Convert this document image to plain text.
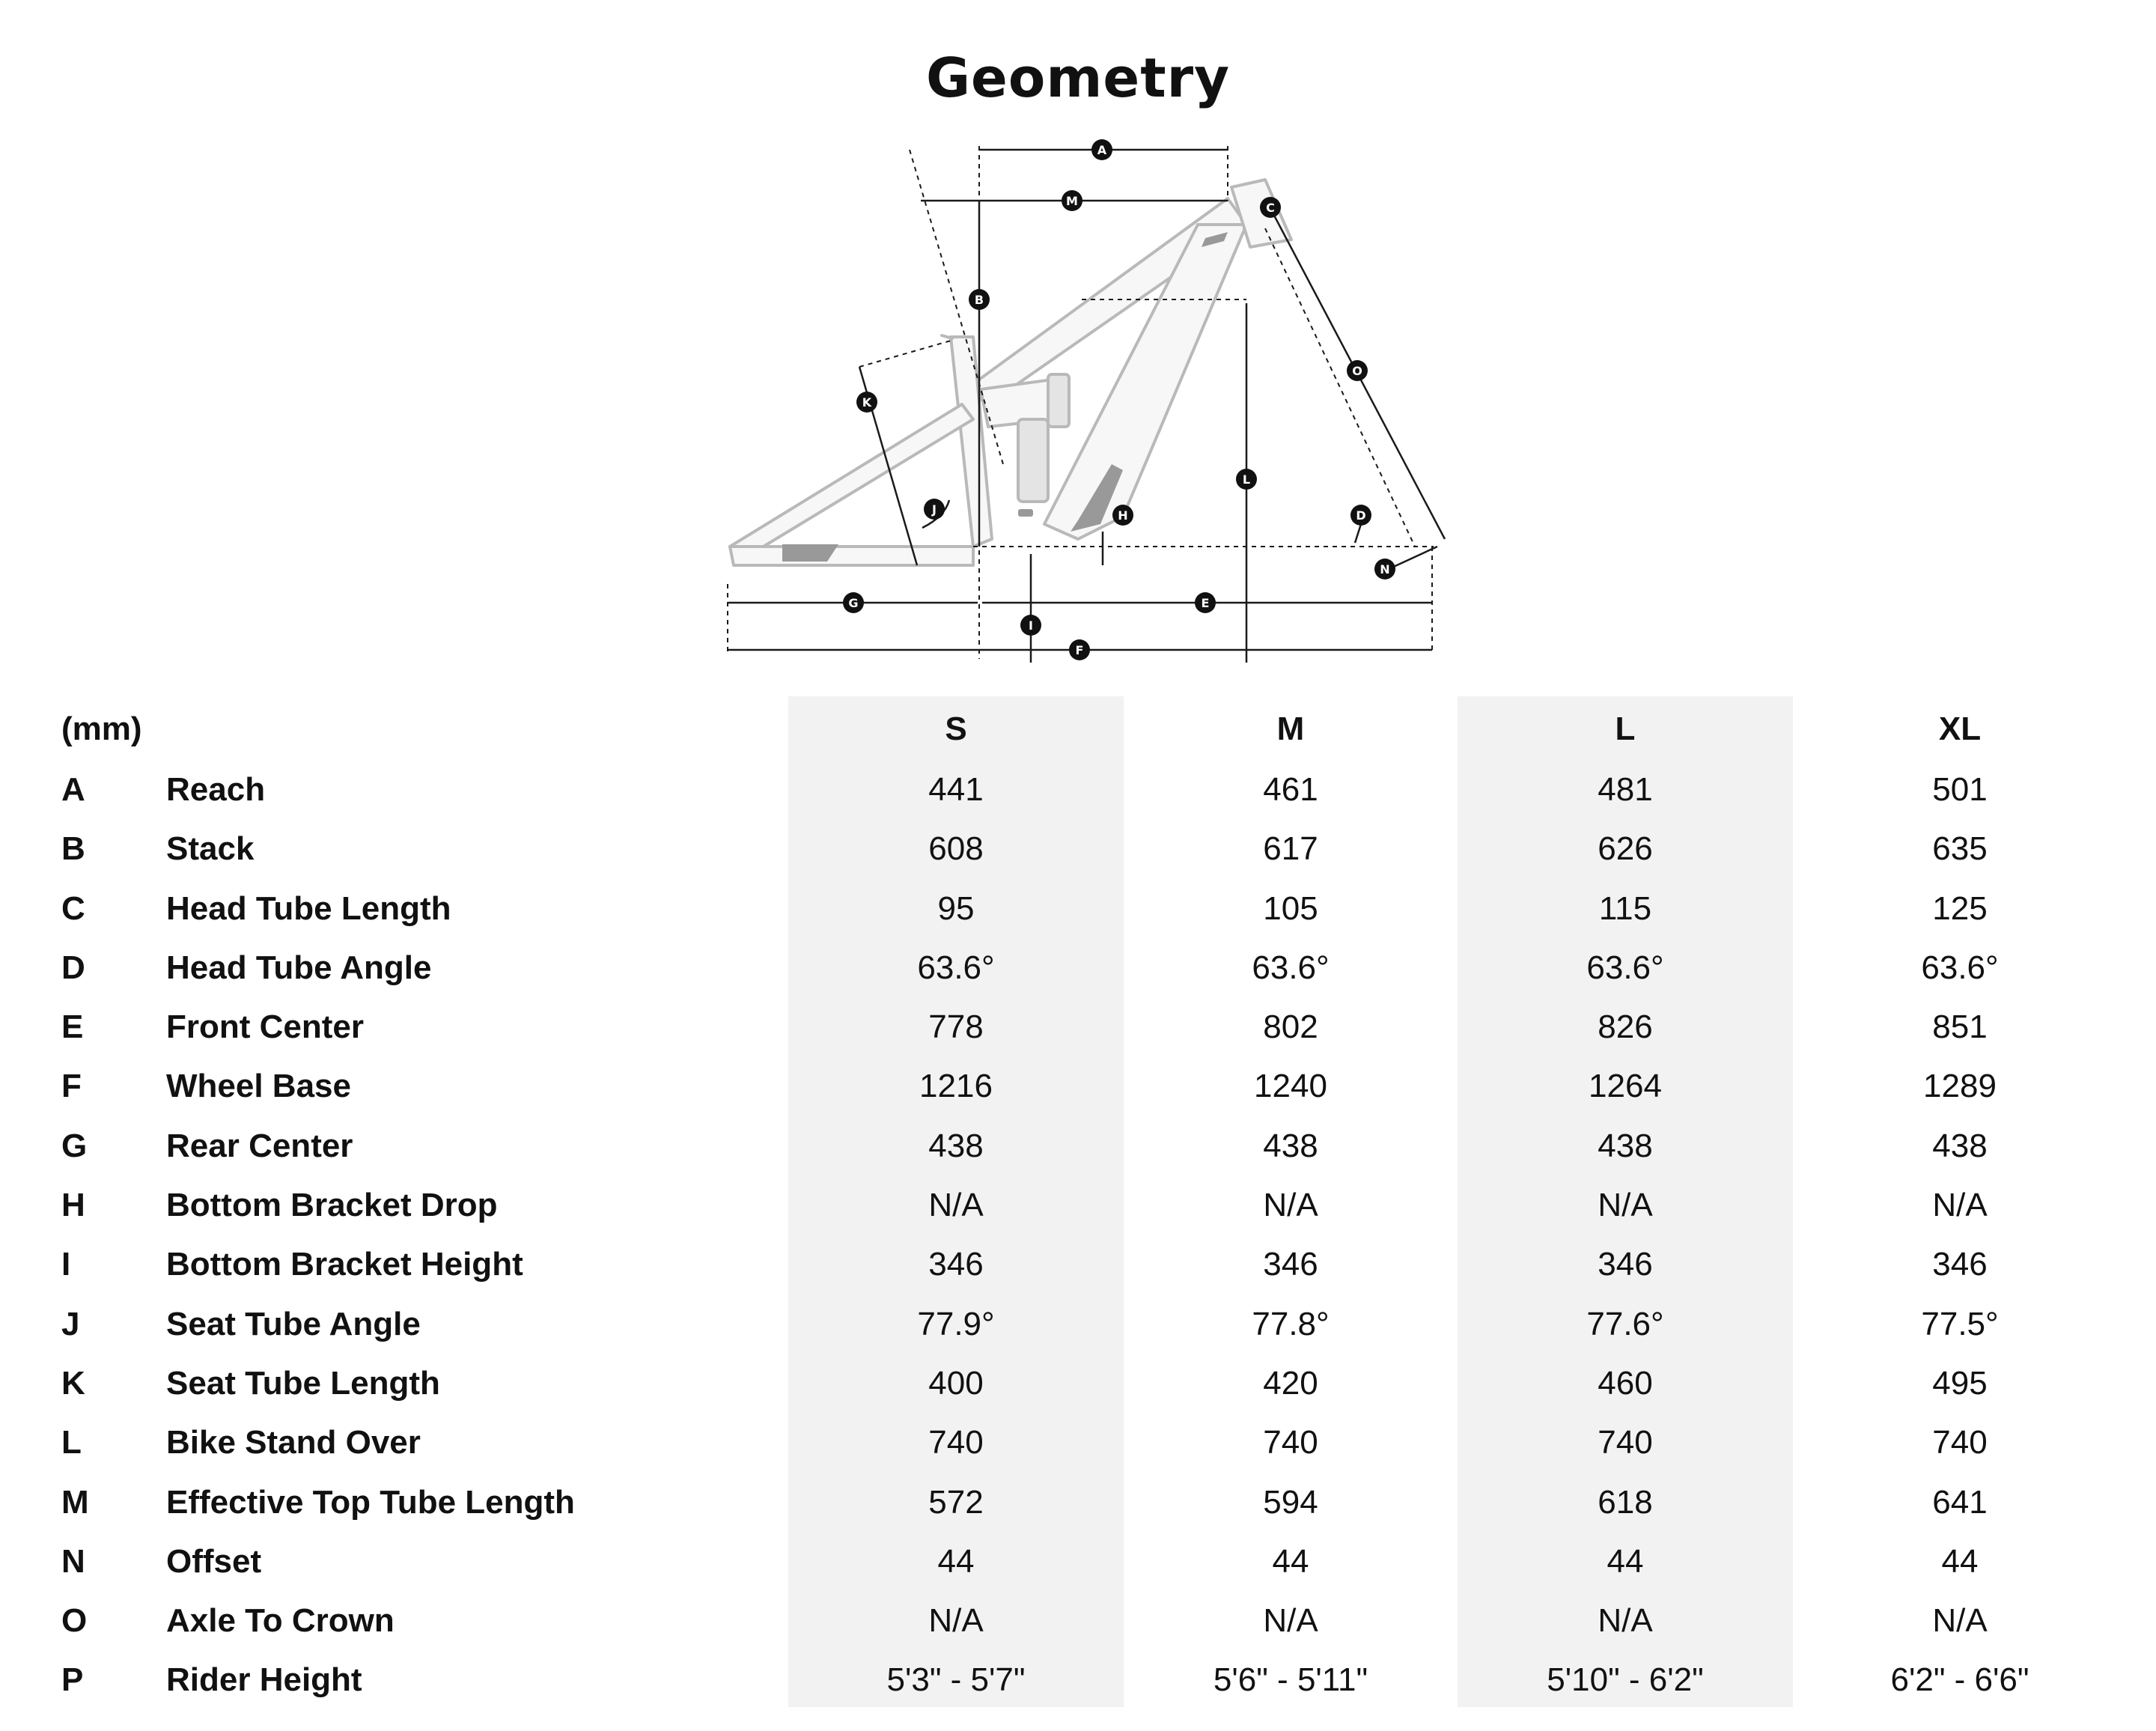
Geometry
A
B
C
D
E
F
G
I
H
J
K
L
M
N
O
(mm)	S	M	L	XL
A Reach	441	461	481	501
B Stack	608	617	626	635
C Head Tube Length	95	105	115	125
D Head Tube Angle	63.6°	63.6°	63.6°	63.6°
E	Front Center	778	802	826	851
F	Wheel Base	1216	1240	1264	1289
G Rear Center	438	438	438	438
H Bottom Bracket Drop	N/A	N/A	N/A	N/A
I	Bottom Bracket Height	346	346	346	346
J	Seat Tube Angle	77.9°	77.8°	77.6°	77.5°
K Seat Tube Length	400	420	460	495
L	Bike Stand Over	740	740	740	740
M Effective Top Tube Length	572	594	618	641
N Offset	44	44	44	44
O Axle To Crown	N/A	N/A	N/A	N/A
P	Rider Height	5'3" - 5'7"	5'6" - 5'11"	5'10" - 6'2"	6'2" - 6'6"
